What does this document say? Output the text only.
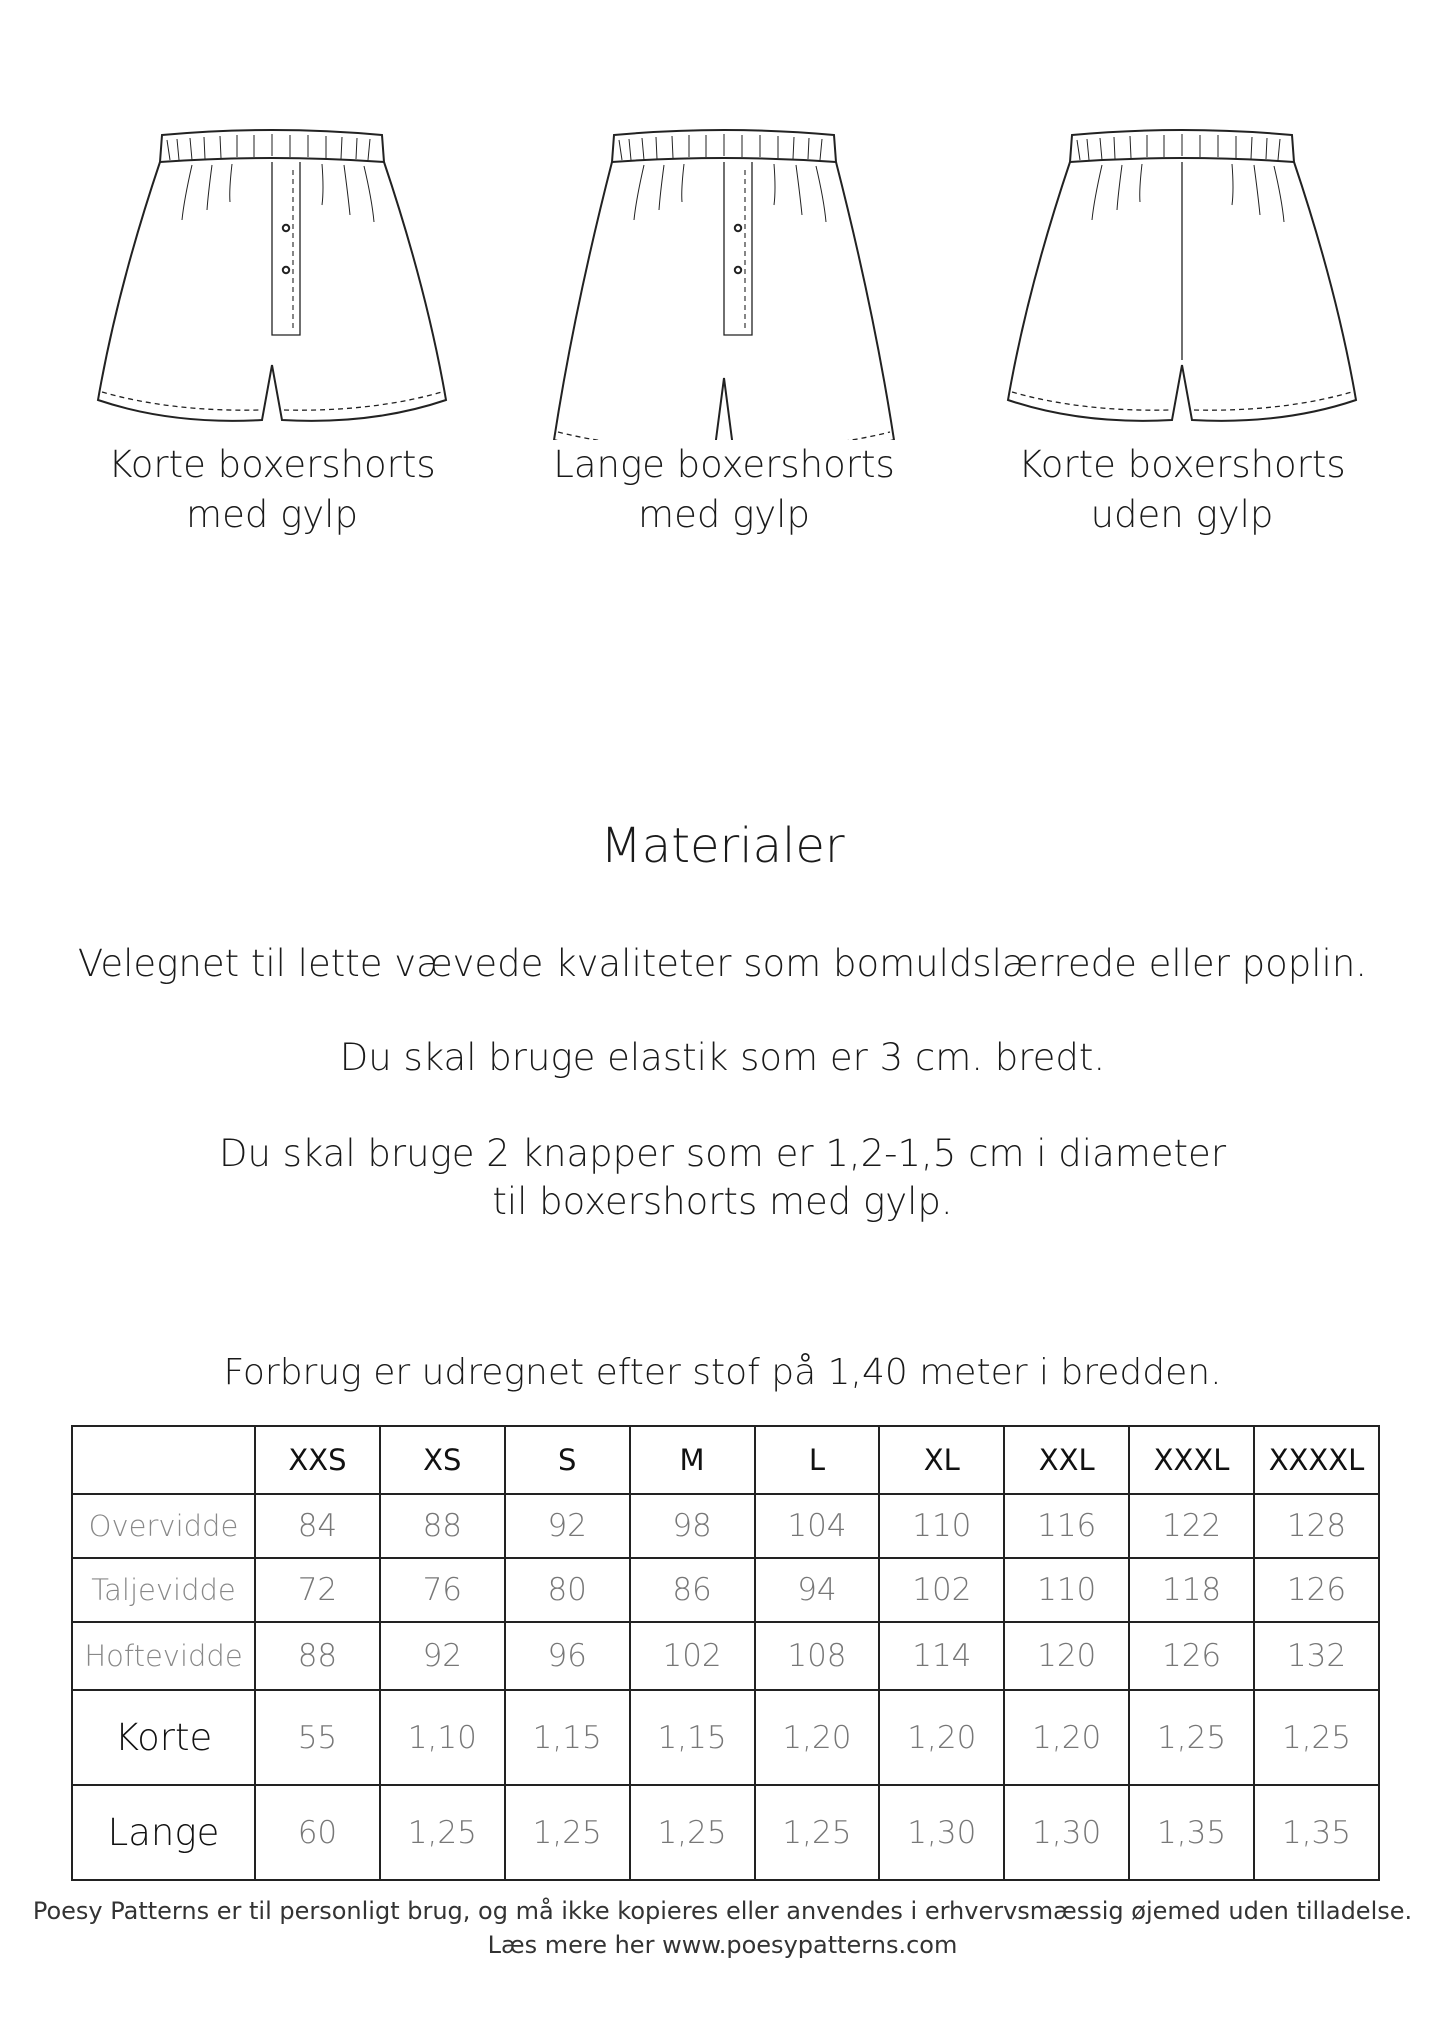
Korte boxershorts
med gylp
Lange boxershorts
med gylp
Korte boxershorts
uden gylp
Materialer
Velegnet til lette vævede kvaliteter som bomuldslærrede eller poplin.
Du skal bruge elastik som er 3 cm. bredt.
Du skal bruge 2 knapper som er 1,2-1,5 cm i diameter
til boxershorts med gylp.
Forbrug er udregnet efter stof på 1,40 meter i bredden.
	XXS	XS	S	M	L	XL	XXL	XXXL	XXXXL
Overvidde	84	88	92	98	104	110	116	122	128
Taljevidde	72	76	80	86	94	102	110	118	126
Hoftevidde	88	92	96	102	108	114	120	126	132
Korte	55	1,10	1,15	1,15	1,20	1,20	1,20	1,25	1,25
Lange	60	1,25	1,25	1,25	1,25	1,30	1,30	1,35	1,35
Poesy Patterns er til personligt brug, og må ikke kopieres eller anvendes i erhvervsmæssig øjemed uden tilladelse.
Læs mere her www.poesypatterns.com
